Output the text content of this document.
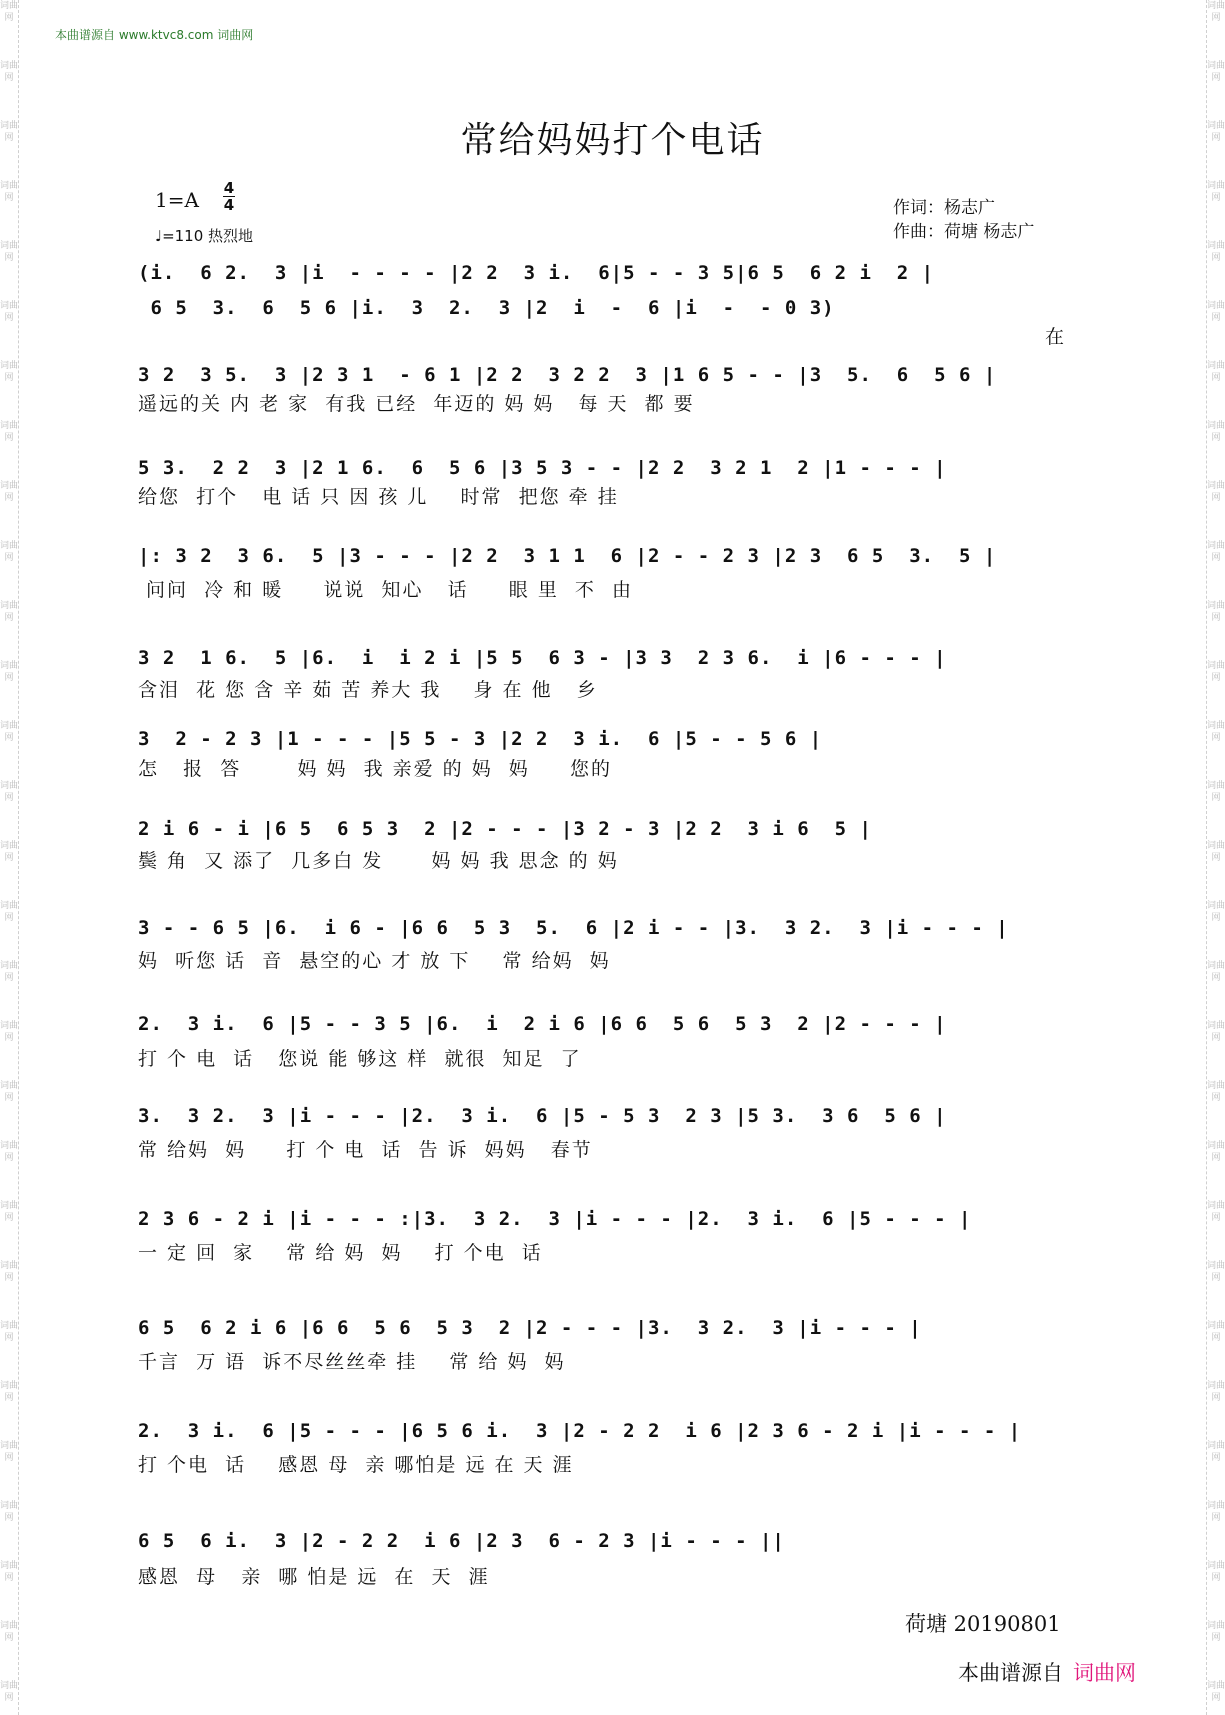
词曲网
词曲网
词曲网
词曲网
词曲网
词曲网
词曲网
词曲网
词曲网
词曲网
词曲网
词曲网
词曲网
词曲网
词曲网
词曲网
词曲网
词曲网
词曲网
词曲网
词曲网
词曲网
词曲网
词曲网
词曲网
词曲网
词曲网
词曲网
词曲网
词曲网
词曲网
词曲网
词曲网
词曲网
词曲网
词曲网
词曲网
词曲网
词曲网
词曲网
词曲网
词曲网
词曲网
词曲网
词曲网
词曲网
词曲网
词曲网
词曲网
词曲网
词曲网
词曲网
词曲网
词曲网
词曲网
词曲网
词曲网
词曲网
本曲谱源自 www.ktvc8.com 词曲网
常给妈妈打个电话
1=A 4
4
♩=110 热烈地
作词：杨志广
作曲：荷塘 杨志广
(i.  6 2.  3 |i  - - - - |2 2  3 i.  6|5 - - 3 5|6 5  6 2 i  2 |
6 5  3.  6  5 6 |i.  3  2.  3 |2  i  -  6 |i  -  - 0 3)
在
3 2  3 5.  3 |2 3 1  - 6 1 |2 2  3 2 2  3 |1 6 5 - - |3  5.  6  5 6 |
遥远的关 内 老 家  有我 已经  年迈的 妈 妈   每 天  都 要
5 3.  2 2  3 |2 1 6.  6  5 6 |3 5 3 - - |2 2  3 2 1  2 |1 - - - |
给您  打个   电 话 只 因 孩 儿    时常  把您 牵 挂
|: 3 2  3 6.  5 |3 - - - |2 2  3 1 1  6 |2 - - 2 3 |2 3  6 5  3.  5 |
问问  冷 和 暖     说说  知心   话     眼 里  不  由
3 2  1 6.  5 |6.  i  i 2 i |5 5  6 3 - |3 3  2 3 6.  i |6 - - - |
含泪  花 您 含 辛 茹 苦 养大 我    身 在 他   乡
3  2 - 2 3 |1 - - - |5 5 - 3 |2 2  3 i.  6 |5 - - 5 6 |
怎   报  答       妈 妈  我 亲爱 的 妈  妈     您的
2 i 6 - i |6 5  6 5 3  2 |2 - - - |3 2 - 3 |2 2  3 i 6  5 |
鬓 角  又 添了  几多白 发      妈 妈 我 思念 的 妈
3 - - 6 5 |6.  i 6 - |6 6  5 3  5.  6 |2 i - - |3.  3 2.  3 |i - - - |
妈  听您 话  音  悬空的心 才 放 下    常 给妈  妈
2.  3 i.  6 |5 - - 3 5 |6.  i  2 i 6 |6 6  5 6  5 3  2 |2 - - - |
打 个 电  话   您说 能 够这 样  就很  知足  了
3.  3 2.  3 |i - - - |2.  3 i.  6 |5 - 5 3  2 3 |5 3.  3 6  5 6 |
常 给妈  妈     打 个 电  话  告 诉  妈妈   春节
2 3 6 - 2 i |i - - - :|3.  3 2.  3 |i - - - |2.  3 i.  6 |5 - - - |
一 定 回  家    常 给 妈  妈    打 个电  话
6 5  6 2 i 6 |6 6  5 6  5 3  2 |2 - - - |3.  3 2.  3 |i - - - |
千言  万 语  诉不尽丝丝牵 挂    常 给 妈  妈
2.  3 i.  6 |5 - - - |6 5 6 i.  3 |2 - 2 2  i 6 |2 3 6 - 2 i |i - - - |
打 个电  话    感恩 母  亲 哪怕是 远 在 天 涯
6 5  6 i.  3 |2 - 2 2  i 6 |2 3  6 - 2 3 |i - - - ||
感恩  母   亲  哪 怕是 远  在  天  涯
荷塘 20190801
本曲谱源自 词曲网
